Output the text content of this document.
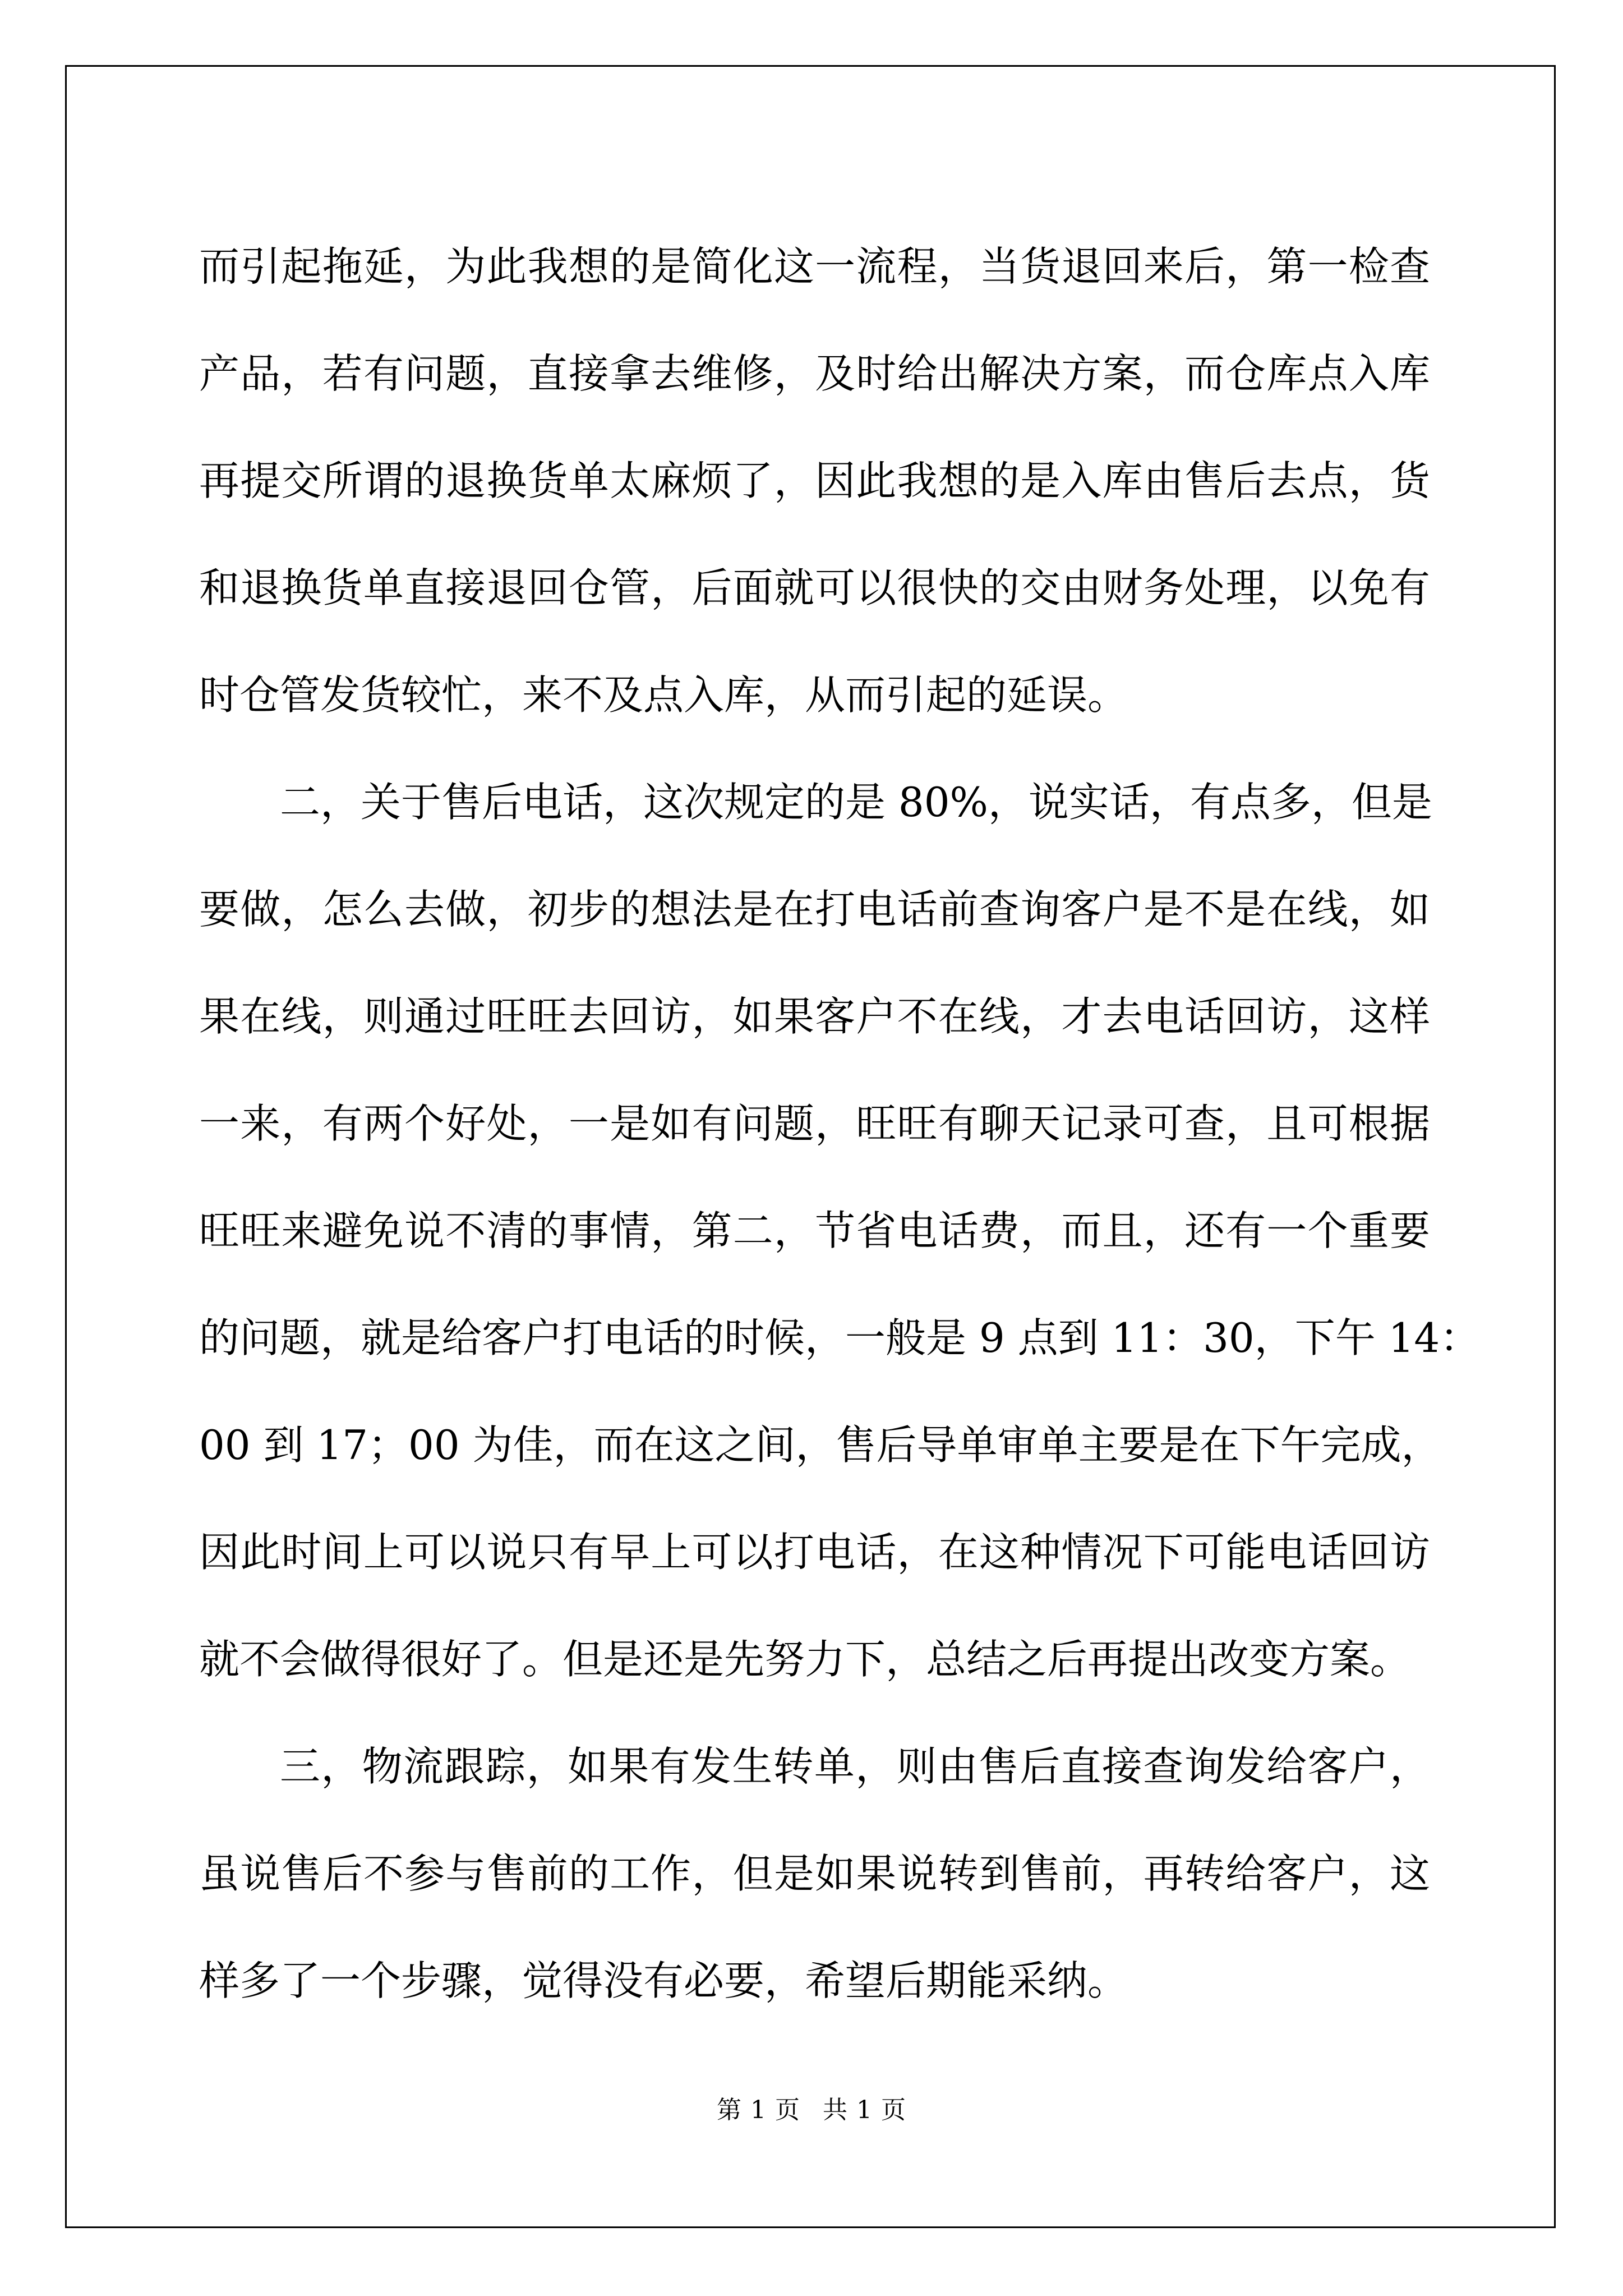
而引起拖延，为此我想的是简化这一流程，当货退回来后，第一检查
产品，若有问题，直接拿去维修，及时给出解决方案，而仓库点入库
再提交所谓的退换货单太麻烦了，因此我想的是入库由售后去点，货
和退换货单直接退回仓管，后面就可以很快的交由财务处理，以免有
时仓管发货较忙，来不及点入库，从而引起的延误。
二，关于售后电话，这次规定的是 80%，说实话，有点多，但是
要做，怎么去做，初步的想法是在打电话前查询客户是不是在线，如
果在线，则通过旺旺去回访，如果客户不在线，才去电话回访，这样
一来，有两个好处，一是如有问题，旺旺有聊天记录可查，且可根据
旺旺来避免说不清的事情，第二，节省电话费，而且，还有一个重要
的问题，就是给客户打电话的时候，一般是 9 点到 11：30，下午 14：
00 到 17；00 为佳，而在这之间，售后导单审单主要是在下午完成，
因此时间上可以说只有早上可以打电话，在这种情况下可能电话回访
就不会做得很好了。但是还是先努力下，总结之后再提出改变方案。
三，物流跟踪，如果有发生转单，则由售后直接查询发给客户，
虽说售后不参与售前的工作，但是如果说转到售前，再转给客户，这
样多了一个步骤，觉得没有必要，希望后期能采纳。
第 1 页 共 1 页
